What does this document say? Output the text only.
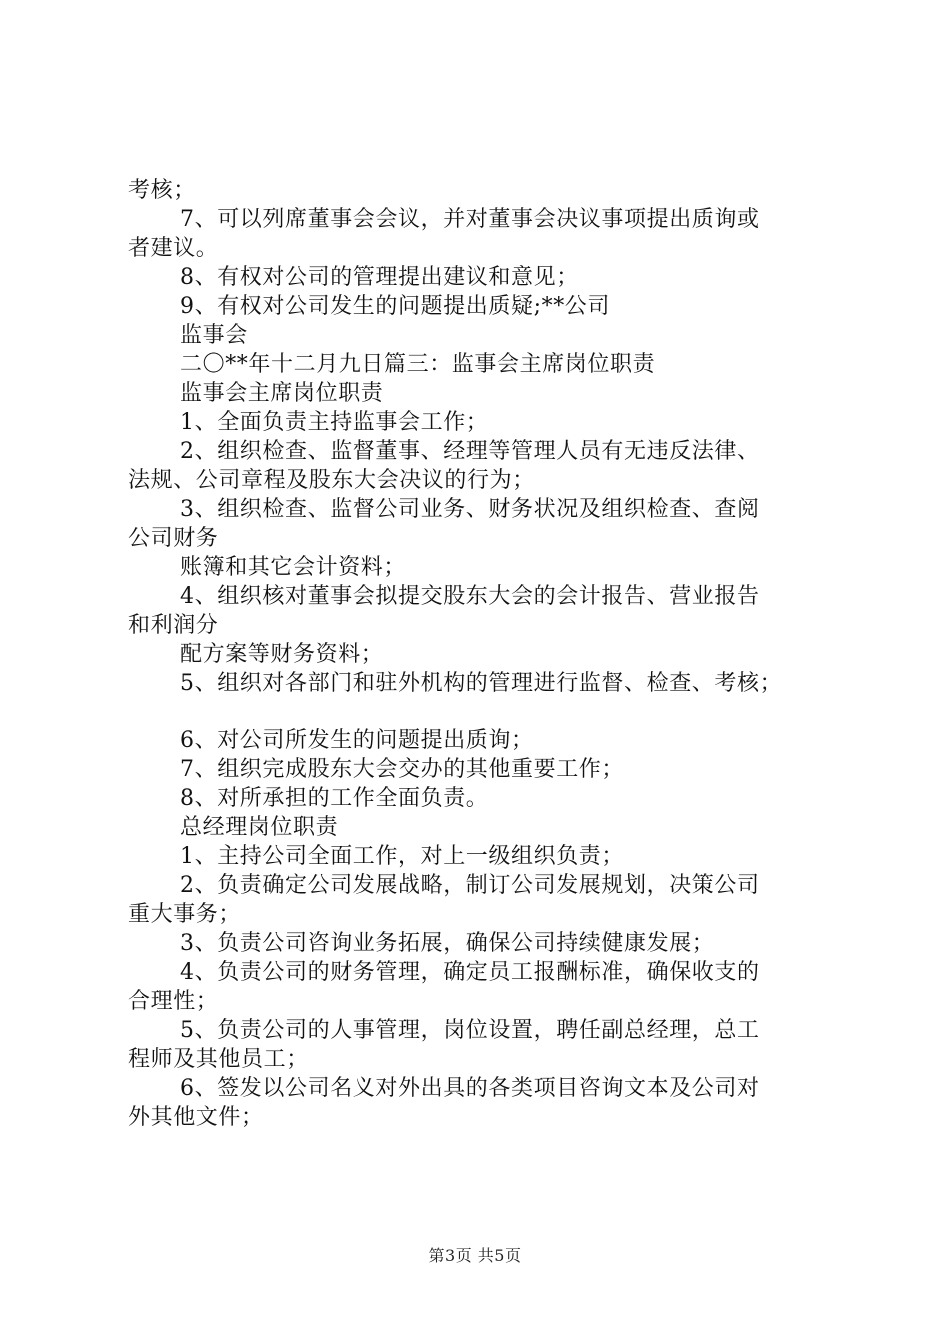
考核；
7、可以列席董事会会议，并对董事会决议事项提出质询或
者建议。
8、有权对公司的管理提出建议和意见；
9、有权对公司发生的问题提出质疑;**公司
监事会
二〇**年十二月九日篇三：监事会主席岗位职责
监事会主席岗位职责
1、全面负责主持监事会工作；
2、组织检查、监督董事、经理等管理人员有无违反法律、
法规、公司章程及股东大会决议的行为；
3、组织检查、监督公司业务、财务状况及组织检查、查阅
公司财务
账簿和其它会计资料；
4、组织核对董事会拟提交股东大会的会计报告、营业报告
和利润分
配方案等财务资料；
5、组织对各部门和驻外机构的管理进行监督、检查、考核；
6、对公司所发生的问题提出质询；
7、组织完成股东大会交办的其他重要工作；
8、对所承担的工作全面负责。
总经理岗位职责
1、主持公司全面工作，对上一级组织负责；
2、负责确定公司发展战略，制订公司发展规划，决策公司
重大事务；
3、负责公司咨询业务拓展，确保公司持续健康发展；
4、负责公司的财务管理，确定员工报酬标准，确保收支的
合理性；
5、负责公司的人事管理，岗位设置，聘任副总经理，总工
程师及其他员工；
6、签发以公司名义对外出具的各类项目咨询文本及公司对
外其他文件；
第3页 共5页
